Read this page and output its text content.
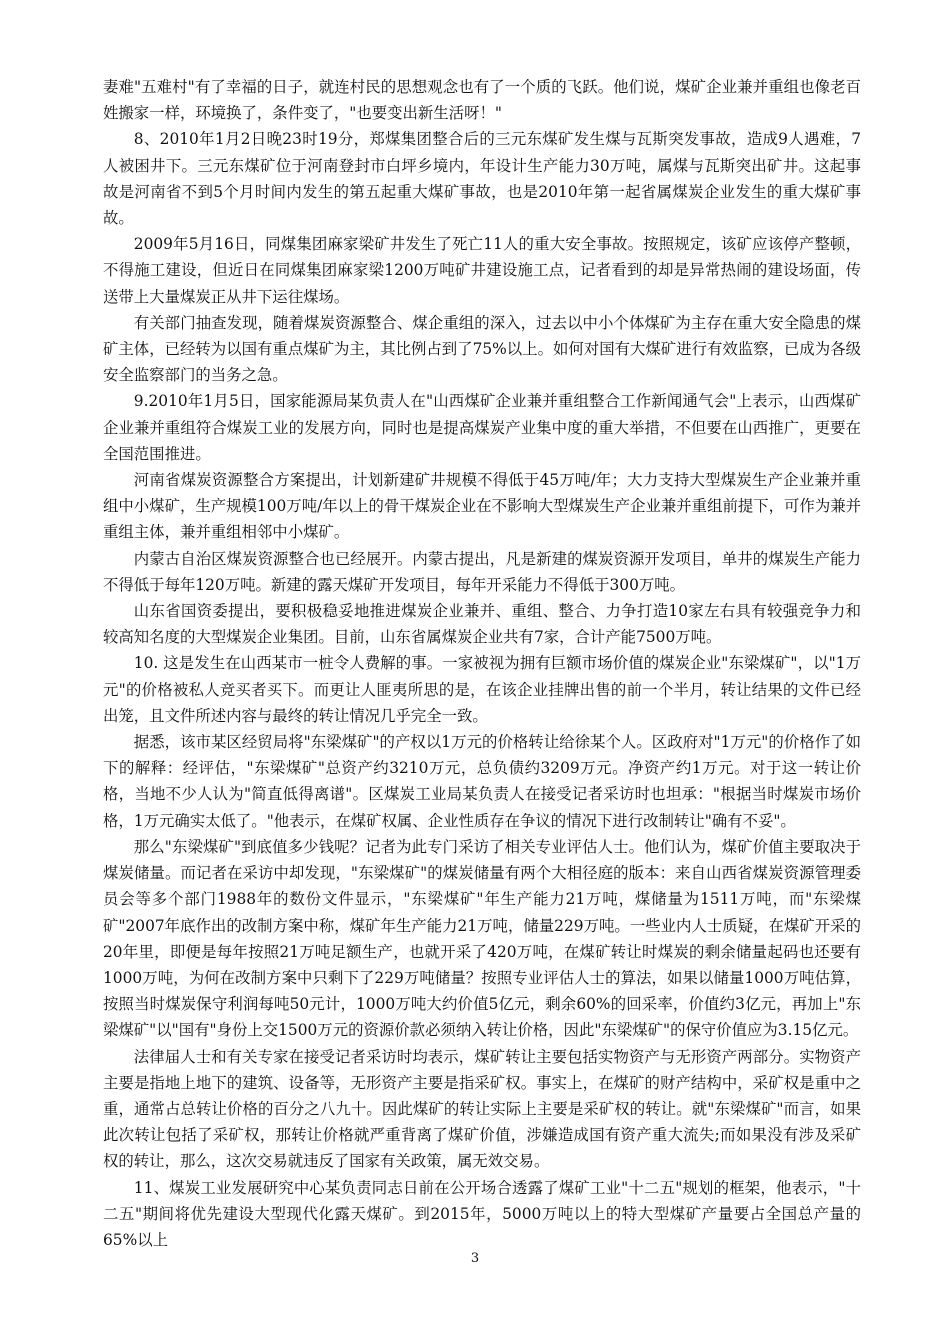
妻难"五难村"有了幸福的日子，就连村民的思想观念也有了一个质的飞跃。他们说，煤矿企业兼并重组也像老百姓搬家一样，环境换了，条件变了，"也要变出新生活呀！"

8、2010年1月2日晚23时19分，郑煤集团整合后的三元东煤矿发生煤与瓦斯突发事故，造成9人遇难，7人被困井下。三元东煤矿位于河南登封市白坪乡境内，年设计生产能力30万吨，属煤与瓦斯突出矿井。这起事故是河南省不到5个月时间内发生的第五起重大煤矿事故，也是2010年第一起省属煤炭企业发生的重大煤矿事故。

2009年5月16日，同煤集团麻家梁矿井发生了死亡11人的重大安全事故。按照规定，该矿应该停产整顿，不得施工建设，但近日在同煤集团麻家梁1200万吨矿井建设施工点，记者看到的却是异常热闹的建设场面，传送带上大量煤炭正从井下运往煤场。

有关部门抽查发现，随着煤炭资源整合、煤企重组的深入，过去以中小个体煤矿为主存在重大安全隐患的煤矿主体，已经转为以国有重点煤矿为主，其比例占到了75%以上。如何对国有大煤矿进行有效监察，已成为各级安全监察部门的当务之急。

9.2010年1月5日，国家能源局某负责人在"山西煤矿企业兼并重组整合工作新闻通气会"上表示，山西煤矿企业兼并重组符合煤炭工业的发展方向，同时也是提高煤炭产业集中度的重大举措，不但要在山西推广，更要在全国范围推进。

河南省煤炭资源整合方案提出，计划新建矿井规模不得低于45万吨/年；大力支持大型煤炭生产企业兼并重组中小煤矿，生产规模100万吨/年以上的骨干煤炭企业在不影响大型煤炭生产企业兼并重组前提下，可作为兼并重组主体，兼并重组相邻中小煤矿。

内蒙古自治区煤炭资源整合也已经展开。内蒙古提出，凡是新建的煤炭资源开发项目，单井的煤炭生产能力不得低于每年120万吨。新建的露天煤矿开发项目，每年开采能力不得低于300万吨。

山东省国资委提出，要积极稳妥地推进煤炭企业兼并、重组、整合、力争打造10家左右具有较强竞争力和较高知名度的大型煤炭企业集团。目前，山东省属煤炭企业共有7家，合计产能7500万吨。

10. 这是发生在山西某市一桩令人费解的事。一家被视为拥有巨额市场价值的煤炭企业"东梁煤矿"，以"1万元"的价格被私人竞买者买下。而更让人匪夷所思的是，在该企业挂牌出售的前一个半月，转让结果的文件已经出笼，且文件所述内容与最终的转让情况几乎完全一致。

据悉，该市某区经贸局将"东梁煤矿"的产权以1万元的价格转让给徐某个人。区政府对"1万元"的价格作了如下的解释：经评估，"东梁煤矿"总资产约3210万元，总负债约3209万元。净资产约1万元。对于这一转让价格，当地不少人认为"简直低得离谱"。区煤炭工业局某负责人在接受记者采访时也坦承："根据当时煤炭市场价格，1万元确实太低了。"他表示，在煤矿权属、企业性质存在争议的情况下进行改制转让"确有不妥"。

那么"东梁煤矿"到底值多少钱呢？记者为此专门采访了相关专业评估人士。他们认为，煤矿价值主要取决于煤炭储量。而记者在采访中却发现，"东梁煤矿"的煤炭储量有两个大相径庭的版本：来自山西省煤炭资源管理委员会等多个部门1988年的数份文件显示，"东梁煤矿"年生产能力21万吨，煤储量为1511万吨，而"东梁煤矿"2007年底作出的改制方案中称，煤矿年生产能力21万吨，储量229万吨。一些业内人士质疑，在煤矿开采的20年里，即便是每年按照21万吨足额生产，也就开采了420万吨，在煤矿转让时煤炭的剩余储量起码也还要有1000万吨，为何在改制方案中只剩下了229万吨储量？按照专业评估人士的算法，如果以储量1000万吨估算，按照当时煤炭保守利润每吨50元计，1000万吨大约价值5亿元，剩余60%的回采率，价值约3亿元，再加上"东梁煤矿"以"国有"身份上交1500万元的资源价款必须纳入转让价格，因此"东梁煤矿"的保守价值应为3.15亿元。

法律届人士和有关专家在接受记者采访时均表示，煤矿转让主要包括实物资产与无形资产两部分。实物资产主要是指地上地下的建筑、设备等，无形资产主要是指采矿权。事实上，在煤矿的财产结构中，采矿权是重中之重，通常占总转让价格的百分之八九十。因此煤矿的转让实际上主要是采矿权的转让。就"东梁煤矿"而言，如果此次转让包括了采矿权，那转让价格就严重背离了煤矿价值，涉嫌造成国有资产重大流失;而如果没有涉及采矿权的转让，那么，这次交易就违反了国家有关政策，属无效交易。

11、煤炭工业发展研究中心某负责同志日前在公开场合透露了煤矿工业"十二五"规划的框架，他表示，"十二五"期间将优先建设大型现代化露天煤矿。到2015年，5000万吨以上的特大型煤矿产量要占全国总产量的65%以上

3
